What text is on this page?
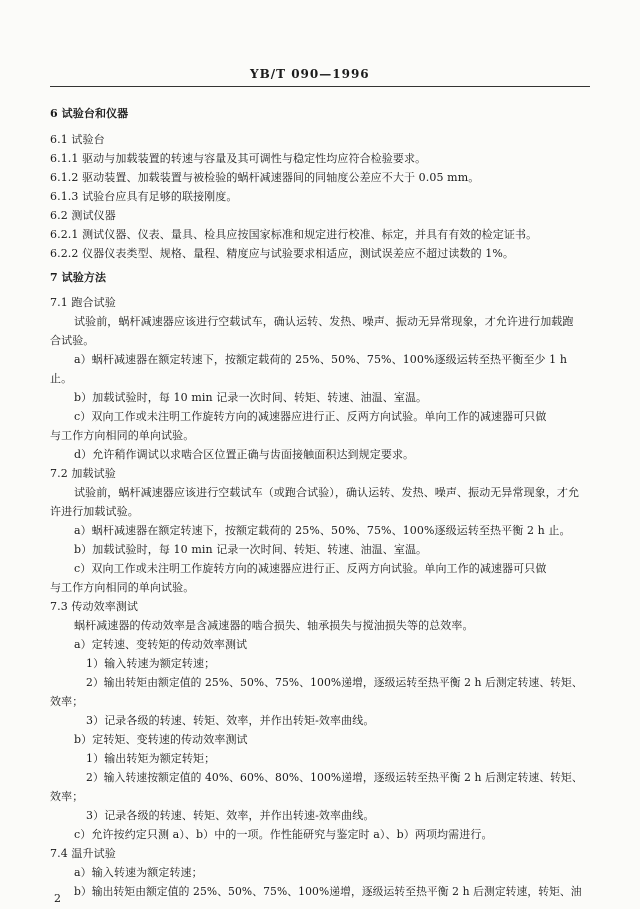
YB/T 090—1996
6 试验台和仪器
6.1 试验台
6.1.1 驱动与加载装置的转速与容量及其可调性与稳定性均应符合检验要求。
6.1.2 驱动装置、加载装置与被检验的蜗杆减速器间的同轴度公差应不大于 0.05 mm。
6.1.3 试验台应具有足够的联接刚度。
6.2 测试仪器
6.2.1 测试仪器、仪表、量具、检具应按国家标准和规定进行校准、标定，并具有有效的检定证书。
6.2.2 仪器仪表类型、规格、量程、精度应与试验要求相适应，测试误差应不超过读数的 1%。
7 试验方法
7.1 跑合试验
试验前，蜗杆减速器应该进行空载试车，确认运转、发热、噪声、振动无异常现象，才允许进行加载跑
合试验。
a）蜗杆减速器在额定转速下，按额定载荷的 25%、50%、75%、100%逐级运转至热平衡至少 1 h
止。
b）加载试验时，每 10 min 记录一次时间、转矩、转速、油温、室温。
c）双向工作或未注明工作旋转方向的减速器应进行正、反两方向试验。单向工作的减速器可只做
与工作方向相同的单向试验。
d）允许稍作调试以求啮合区位置正确与齿面接触面积达到规定要求。
7.2 加载试验
试验前，蜗杆减速器应该进行空载试车（或跑合试验），确认运转、发热、噪声、振动无异常现象，才允
许进行加载试验。
a）蜗杆减速器在额定转速下，按额定载荷的 25%、50%、75%、100%逐级运转至热平衡 2 h 止。
b）加载试验时，每 10 min 记录一次时间、转矩、转速、油温、室温。
c）双向工作或未注明工作旋转方向的减速器应进行正、反两方向试验。单向工作的减速器可只做
与工作方向相同的单向试验。
7.3 传动效率测试
蜗杆减速器的传动效率是含减速器的啮合损失、轴承损失与搅油损失等的总效率。
a）定转速、变转矩的传动效率测试
1）输入转速为额定转速；
2）输出转矩由额定值的 25%、50%、75%、100%递增，逐级运转至热平衡 2 h 后测定转速、转矩、
效率；
3）记录各级的转速、转矩、效率，并作出转矩-效率曲线。
b）定转矩、变转速的传动效率测试
1）输出转矩为额定转矩；
2）输入转速按额定值的 40%、60%、80%、100%递增，逐级运转至热平衡 2 h 后测定转速、转矩、
效率；
3）记录各级的转速、转矩、效率，并作出转速-效率曲线。
c）允许按约定只测 a）、b）中的一项。作性能研究与鉴定时 a）、b）两项均需进行。
7.4 温升试验
a）输入转速为额定转速；
b）输出转矩由额定值的 25%、50%、75%、100%递增，逐级运转至热平衡 2 h 后测定转速，转矩、油
2
